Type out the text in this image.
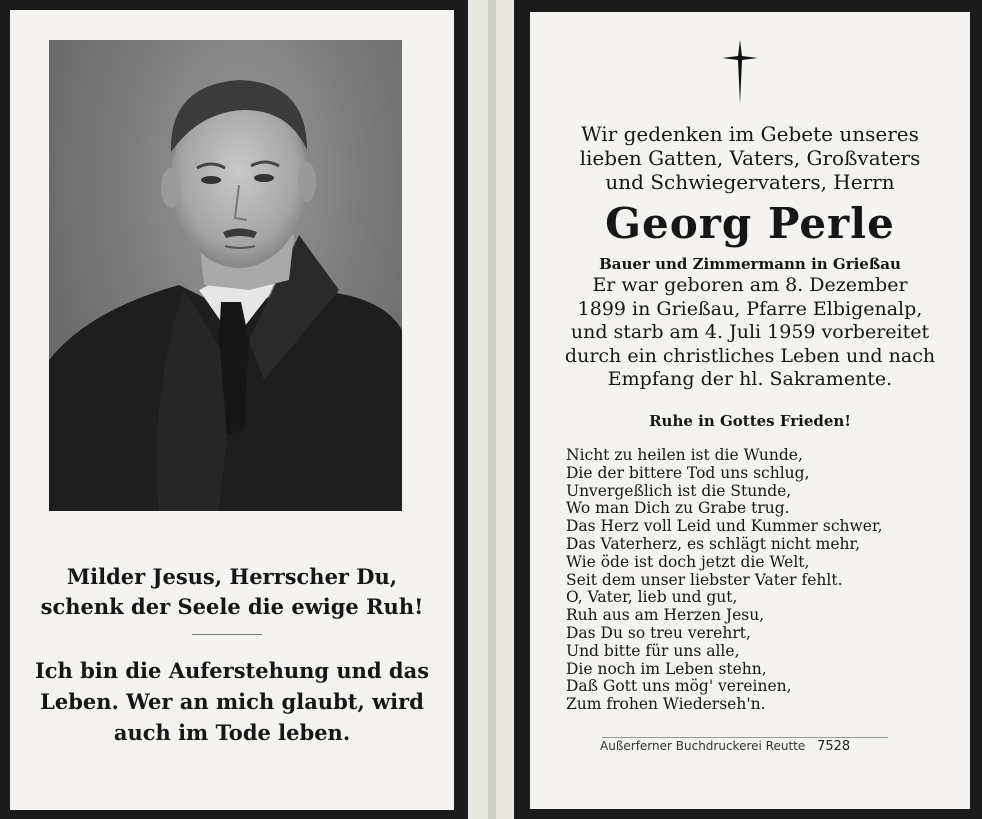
Milder Jesus, Herrscher Du,
schenk der Seele die ewige Ruh!
Ich bin die Auferstehung und das
Leben. Wer an mich glaubt, wird
auch im Tode leben.
Wir gedenken im Gebete unseres
lieben Gatten, Vaters, Großvaters
und Schwiegervaters, Herrn
Georg Perle
Bauer und Zimmermann in Grießau
Er war geboren am 8. Dezember
1899 in Grießau, Pfarre Elbigenalp,
und starb am 4. Juli 1959 vorbereitet
durch ein christliches Leben und nach
Empfang der hl. Sakramente.
Ruhe in Gottes Frieden!
Nicht zu heilen ist die Wunde,
Die der bittere Tod uns schlug,
Unvergeßlich ist die Stunde,
Wo man Dich zu Grabe trug.
Das Herz voll Leid und Kummer schwer,
Das Vaterherz, es schlägt nicht mehr,
Wie öde ist doch jetzt die Welt,
Seit dem unser liebster Vater fehlt.
O, Vater, lieb und gut,
Ruh aus am Herzen Jesu,
Das Du so treu verehrt,
Und bitte für uns alle,
Die noch im Leben stehn,
Daß Gott uns mög' vereinen,
Zum frohen Wiederseh'n.
Außerferner Buchdruckerei Reutte 7528
